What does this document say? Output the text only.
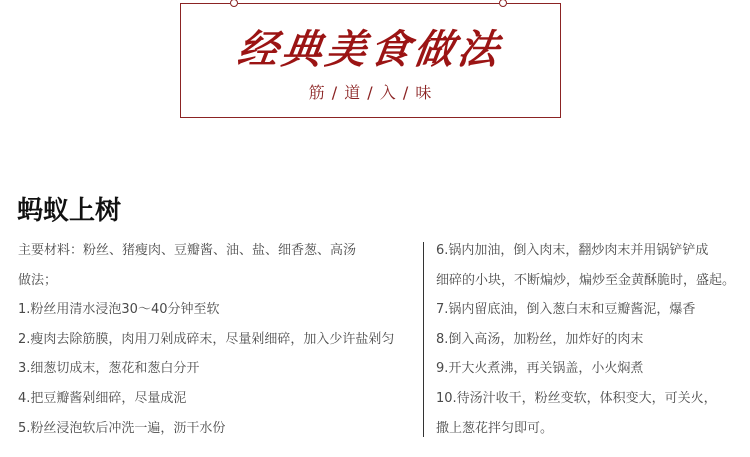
经典美食做法
筋 / 道 / 入 / 味
蚂蚁上树
主要材料：粉丝、猪瘦肉、豆瓣酱、油、盐、细香葱、高汤
做法；
1.粉丝用清水浸泡30～40分钟至软
2.瘦肉去除筋膜，肉用刀剁成碎末，尽量剁细碎，加入少许盐剁匀
3.细葱切成末，葱花和葱白分开
4.把豆瓣酱剁细碎，尽量成泥
5.粉丝浸泡软后冲洗一遍，沥干水份
6.锅内加油，倒入肉末，翻炒肉末并用锅铲铲成
细碎的小块，不断煸炒，煸炒至金黄酥脆时，盛起。
7.锅内留底油，倒入葱白末和豆瓣酱泥，爆香
8.倒入高汤，加粉丝，加炸好的肉末
9.开大火煮沸，再关锅盖，小火焖煮
10.待汤汁收干，粉丝变软，体积变大，可关火，
撒上葱花拌匀即可。
